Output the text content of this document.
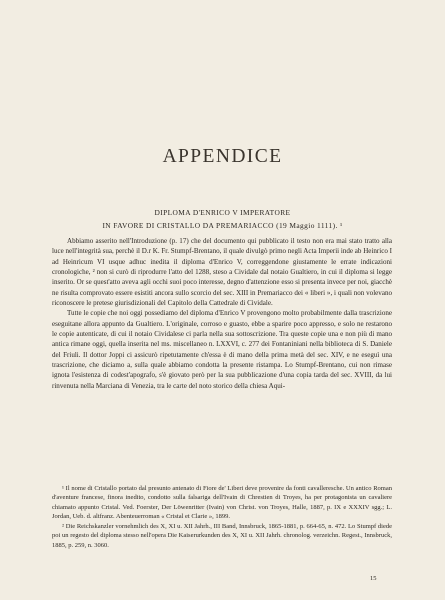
APPENDICE
DIPLOMA D'ENRICO V IMPERATORE
IN FAVORE DI CRISTALLO DA PREMARIACCO (19 Maggio 1111). ¹

Abbiamo asserito nell'Introduzione (p. 17) che del documento qui pubblicato il testo non era mai stato tratto alla luce nell'integrità sua, perchè il D.r K. Fr. Stumpf-Brentano, il quale divulgò primo negli Acta Imperii inde ab Heinrico I ad Heinricum VI usque adhuc inedita il diploma d'Enrico V, correggendone giustamente le errate indicazioni cronologiche, ² non si curò di riprodurre l'atto del 1288, steso a Cividale dal notaio Gualtiero, in cui il diploma si legge inserito. Or se quest'atto aveva agli occhi suoi poco interesse, degno d'attenzione esso si presenta invece per noi, giacchè ne risulta comprovato essere esistiti ancora sullo scorcio del sec. XIII in Premariacco dei « liberi », i quali non volevano riconoscere le pretese giurisdizionali del Capitolo della Cattedrale di Cividale.

Tutte le copie che noi oggi possediamo del diploma d'Enrico V provengono molto probabilmente dalla trascrizione eseguitane allora appunto da Gualtiero. L'originale, corroso e guasto, ebbe a sparire poco appresso, e solo ne restarono le copie autenticate, di cui il notaio Cividalese ci parla nella sua sottoscrizione. Tra queste copie una e non più di mano antica rimane oggi, quella inserita nel ms. miscellaneo n. LXXVI, c. 277 dei Fontaniniani nella biblioteca di S. Daniele del Friuli. Il dottor Joppi ci assicurò ripetutamente ch'essa è di mano della prima metà del sec. XIV, e ne eseguì una trascrizione, che diciamo a, sulla quale abbiamo condotta la presente ristampa. Lo Stumpf-Brentano, cui non rimase ignota l'esistenza di codest'apografo, s'è giovato però per la sua pubblicazione d'una copia tarda del sec. XVIII, da lui rinvenuta nella Marciana di Venezia, tra le carte del noto storico della chiesa Aqui-

¹ Il nome di Cristallo portato dal presunto antenato di Fiore de' Liberi deve provenire da fonti cavalleresche. Un antico Roman d'aventure francese, finora inedito, condotto sulla falsariga dell'Ivain di Chrestien di Troyes, ha per protagonista un cavaliere chiamato appunto Cristal. Ved. Foerster, Der Löwenritter (Ivain) von Christ. von Troyes, Halle, 1887, p. IX e XXXIV sgg.; L. Jordan, Ueb. d. altfranz. Abenteuerroman « Cristal et Clarie », 1899.

² Die Reichskanzler vornehmlich des X, XI u. XII Jahrh., III Band, Innsbruck, 1865-1881, p. 664-65, n. 472. Lo Stumpf diede poi un regesto del diploma stesso nell'opera Die Kaiserurkunden des X, XI u. XII Jahrh. chronolog. verzeichn. Regest., Innsbruck, 1885, p. 259, n. 3060.

15
